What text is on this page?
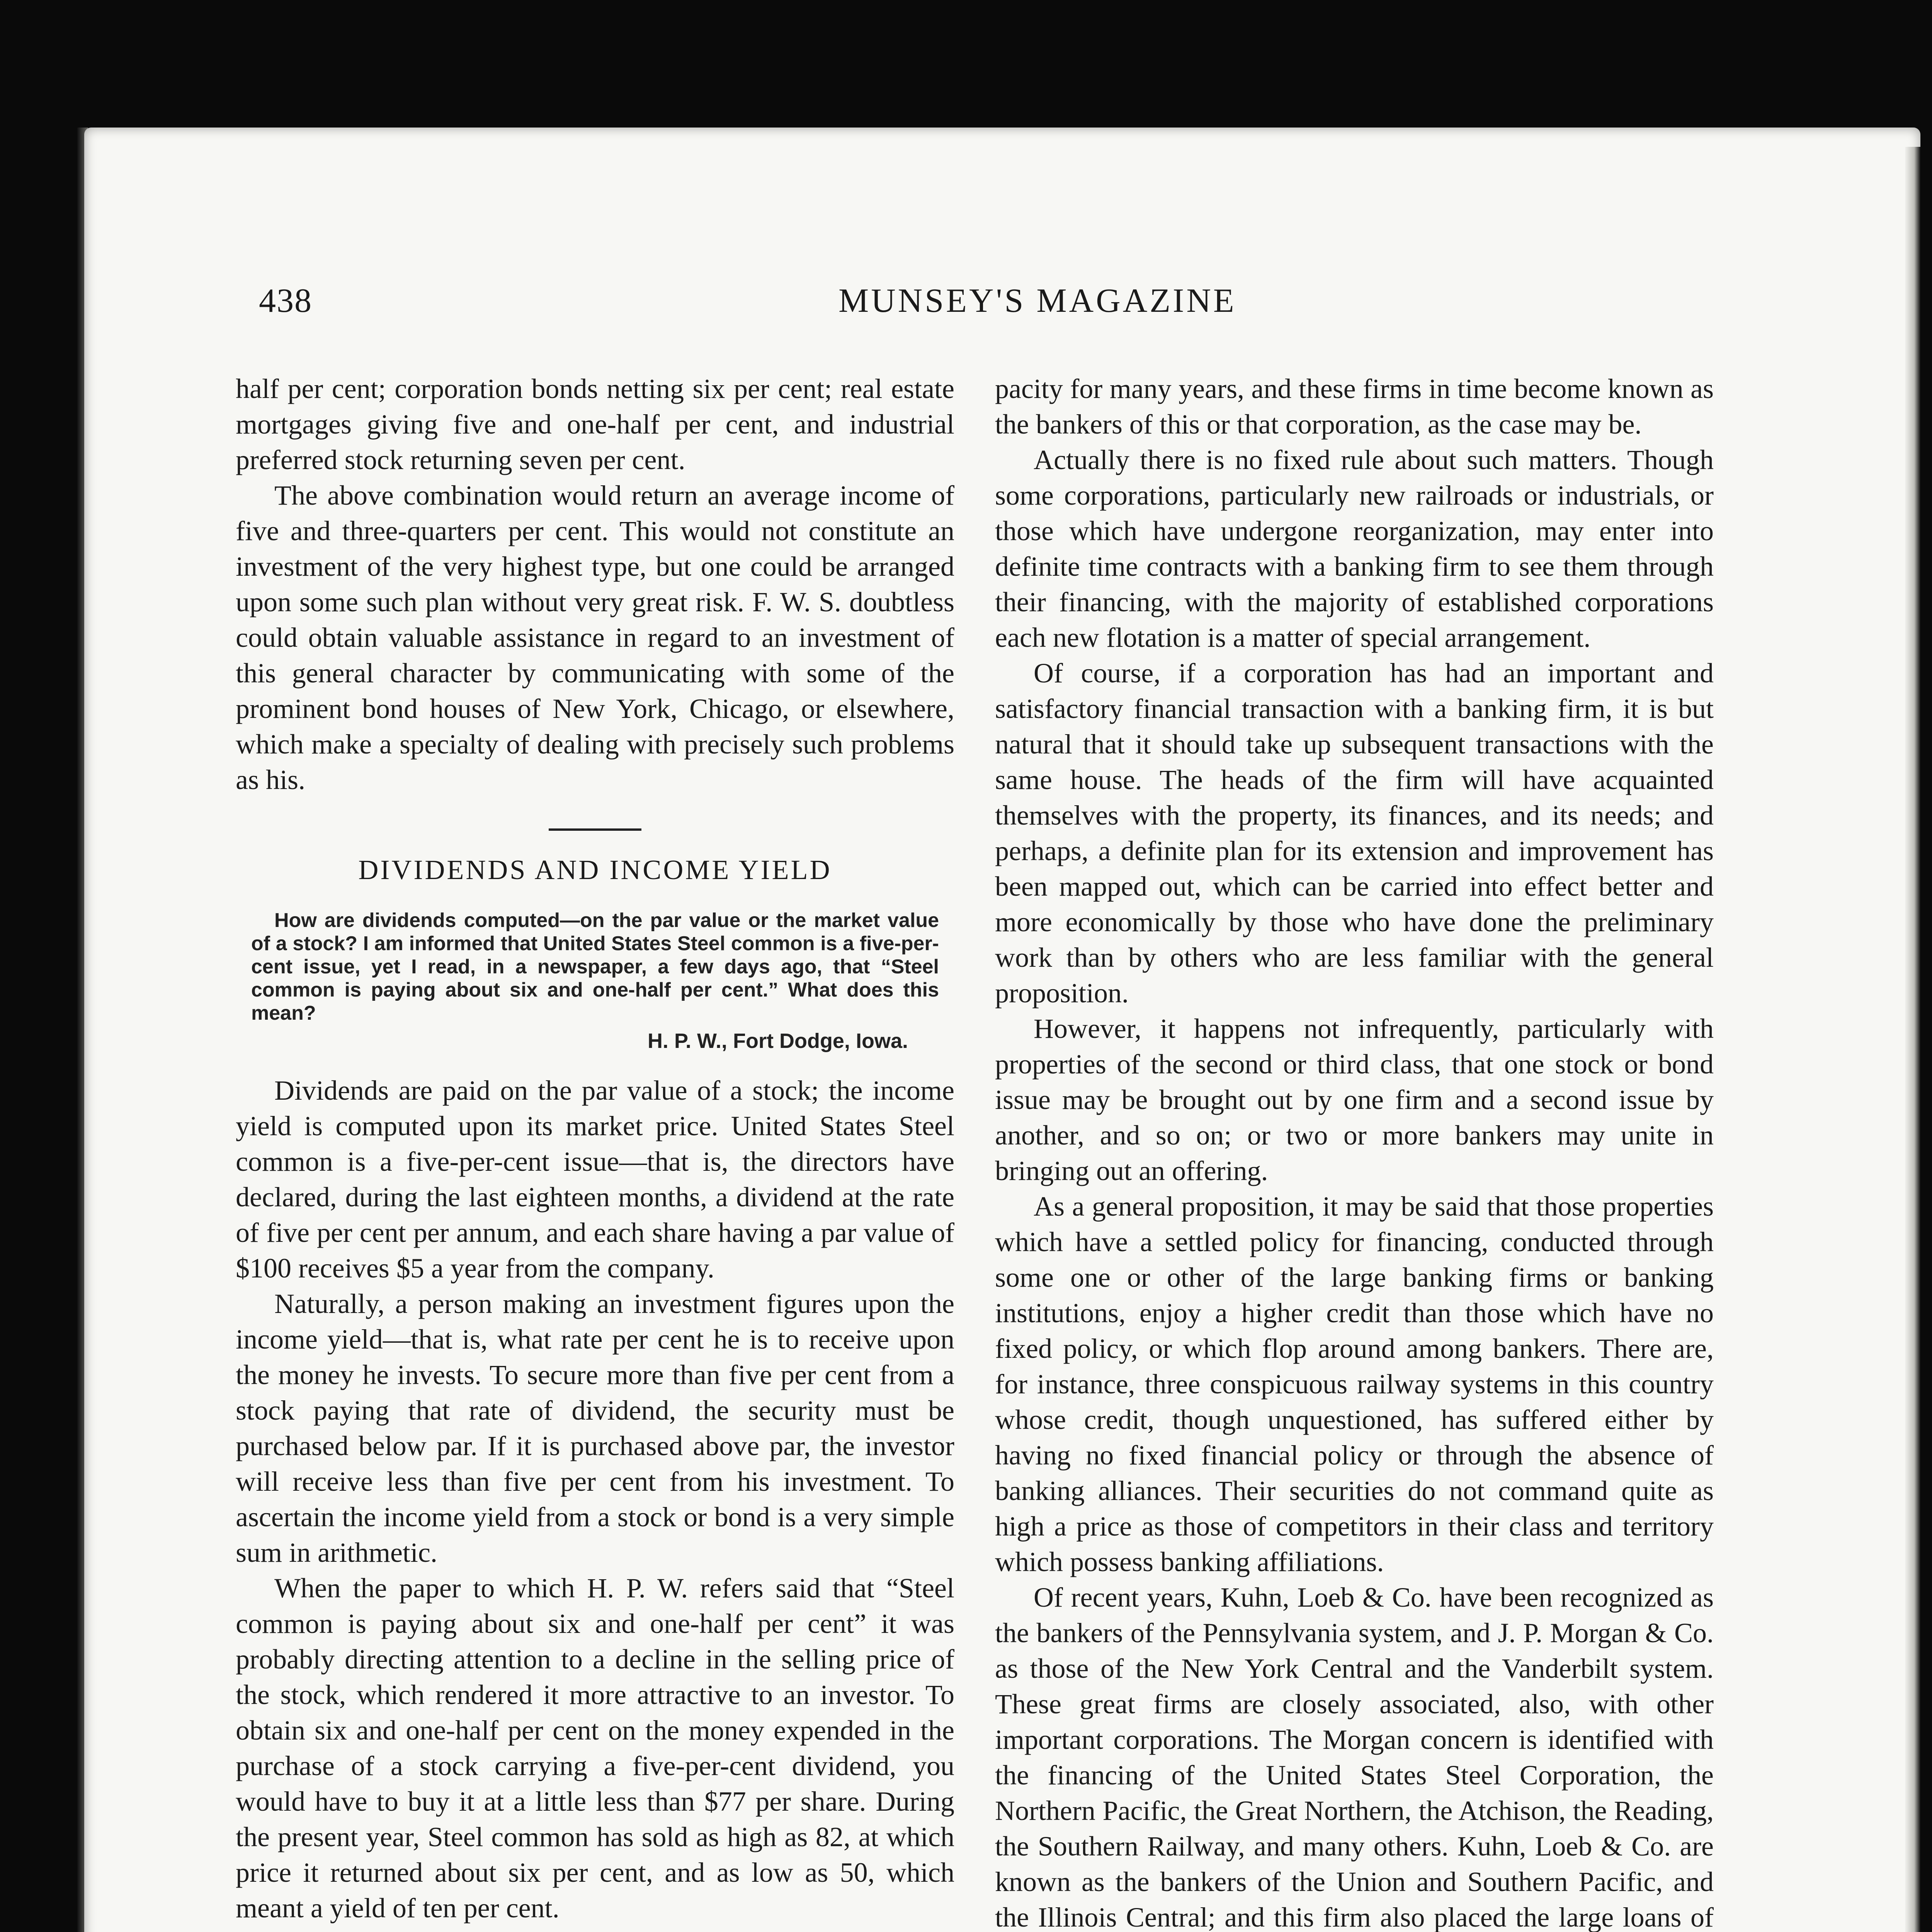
438	MUNSEY'S MAGAZINE

half per cent; corporation bonds netting six per cent; real estate mortgages giving five and one-half per cent, and industrial preferred stock returning seven per cent.

The above combination would return an average income of five and three-quarters per cent. This would not constitute an investment of the very highest type, but one could be arranged upon some such plan without very great risk. F. W. S. doubtless could obtain valuable assistance in regard to an investment of this general character by communicating with some of the prominent bond houses of New York, Chicago, or elsewhere, which make a specialty of dealing with precisely such problems as his.

DIVIDENDS AND INCOME YIELD

How are dividends computed—on the par value or the market value of a stock? I am informed that United States Steel common is a five-per-cent issue, yet I read, in a newspaper, a few days ago, that “Steel common is paying about six and one-half per cent.” What does this mean?

H. P. W., Fort Dodge, Iowa.

Dividends are paid on the par value of a stock; the income yield is computed upon its market price. United States Steel common is a five-per-cent issue—that is, the directors have declared, during the last eighteen months, a dividend at the rate of five per cent per annum, and each share having a par value of $100 receives $5 a year from the company.

Naturally, a person making an investment figures upon the income yield—that is, what rate per cent he is to receive upon the money he invests. To secure more than five per cent from a stock paying that rate of dividend, the security must be purchased below par. If it is purchased above par, the investor will receive less than five per cent from his investment. To ascertain the income yield from a stock or bond is a very simple sum in arithmetic.

When the paper to which H. P. W. refers said that “Steel common is paying about six and one-half per cent” it was probably directing attention to a decline in the selling price of the stock, which rendered it more attractive to an investor. To obtain six and one-half per cent on the money expended in the purchase of a stock carrying a five-per-cent dividend, you would have to buy it at a little less than $77 per share. During the present year, Steel common has sold as high as 82, at which price it returned about six per cent, and as low as 50, which meant a yield of ten per cent.

pacity for many years, and these firms in time become known as the bankers of this or that corporation, as the case may be.

Actually there is no fixed rule about such matters. Though some corporations, particularly new railroads or industrials, or those which have undergone reorganization, may enter into definite time contracts with a banking firm to see them through their financing, with the majority of established corporations each new flotation is a matter of special arrangement.

Of course, if a corporation has had an important and satisfactory financial transaction with a banking firm, it is but natural that it should take up subsequent transactions with the same house. The heads of the firm will have acquainted themselves with the property, its finances, and its needs; and perhaps, a definite plan for its extension and improvement has been mapped out, which can be carried into effect better and more economically by those who have done the preliminary work than by others who are less familiar with the general proposition.

However, it happens not infrequently, particularly with properties of the second or third class, that one stock or bond issue may be brought out by one firm and a second issue by another, and so on; or two or more bankers may unite in bringing out an offering.

As a general proposition, it may be said that those properties which have a settled policy for financing, conducted through some one or other of the large banking firms or banking institutions, enjoy a higher credit than those which have no fixed policy, or which flop around among bankers. There are, for instance, three conspicuous railway systems in this country whose credit, though unquestioned, has suffered either by having no fixed financial policy or through the absence of banking alliances. Their securities do not command quite as high a price as those of competitors in their class and territory which possess banking affiliations.

Of recent years, Kuhn, Loeb & Co. have been recognized as the bankers of the Pennsylvania system, and J. P. Morgan & Co. as those of the New York Central and the Vanderbilt system. These great firms are closely associated, also, with other important corporations. The Morgan concern is identified with the financing of the United States Steel Corporation, the Northern Pacific, the Great Northern, the Atchison, the Reading, the Southern Railway, and many others. Kuhn, Loeb & Co. are known as the bankers of the Union and Southern Pacific, and the Illinois Central; and this firm also placed the large loans of
